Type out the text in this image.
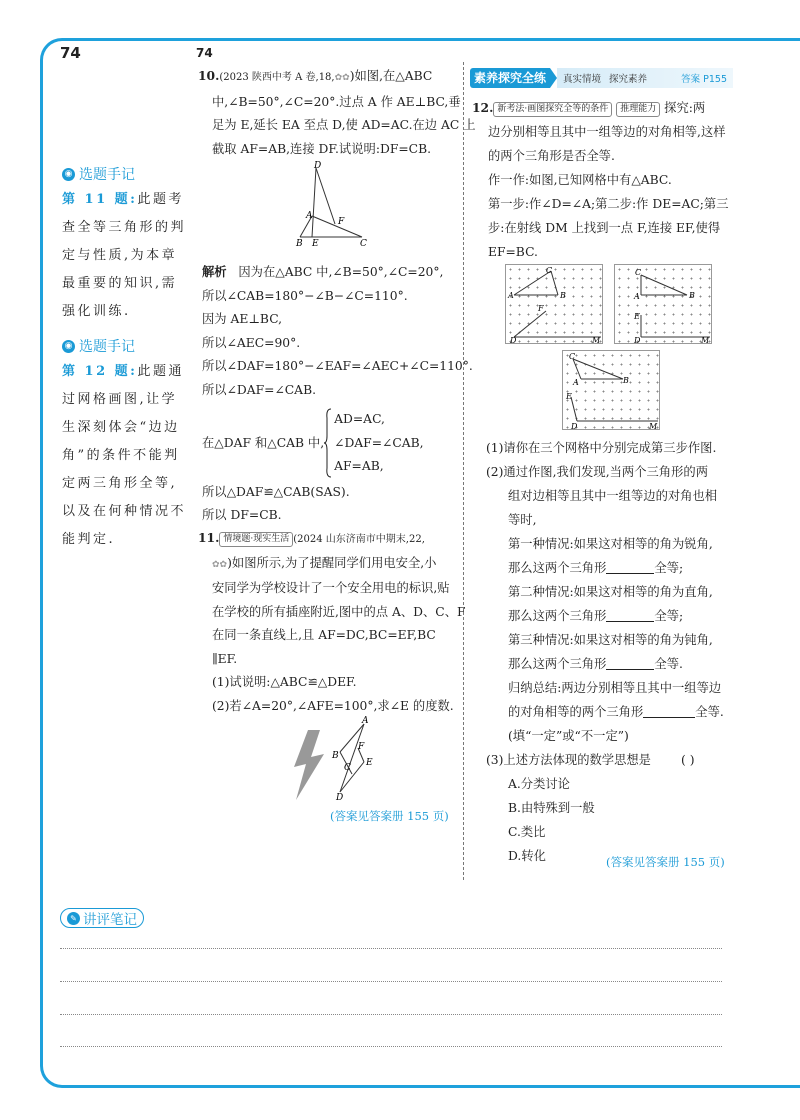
74	74
◉ 选题手记
第 11 题:此题考查全等三角形的判定与性质,为本章最重要的知识,需强化训练.
◉ 选题手记
第 12 题:此题通过网格画图,让学生深刻体会“边边角”的条件不能判定两三角形全等,以及在何种情况不能判定.
10.(2023 陕西中考 A 卷,18,✿✿)如图,在△ABC
中,∠B=50°,∠C=20°.过点 A 作 AE⊥BC,垂
足为 E,延长 EA 至点 D,使 AD=AC.在边 AC 上
截取 AF=AB,连接 DF.试说明:DF=CB.
D
A
F
B E	C
解析 因为在△ABC 中,∠B=50°,∠C=20°,
所以∠CAB=180°−∠B−∠C=110°.
因为 AE⊥BC,
所以∠AEC=90°.
所以∠DAF=180°−∠EAF=∠AEC+∠C=110°.
所以∠DAF=∠CAB.
在△DAF 和△CAB 中,
AD=AC,
∠DAF=∠CAB,
AF=AB,
所以△DAF≌△CAB(SAS).
所以 DF=CB.
11. 情境题·现实生活 (2024 山东济南市中期末,22,
✿✿)如图所示,为了提醒同学们用电安全,小
安同学为学校设计了一个安全用电的标识,贴
在学校的所有插座附近,图中的点 A、D、C、F
在同一条直线上,且 AF=DC,BC=EF,BC
∥EF.
(1)试说明:△ABC≌△DEF.
(2)若∠A=20°,∠AFE=100°,求∠E 的度数.
A
B
F
C E
D
(答案见答案册 155 页)
素养探究全练	真实情境 探究素养	答案 P155
12. 新考法·画图探究全等的条件 推理能力 探究:两
边分别相等且其中一组等边的对角相等,这样
的两个三角形是否全等.
作一作:如图,已知网格中有△ABC.
第一步:作∠D=∠A;第二步:作 DE=AC;第三
步:在射线 DM 上找到一点 F,连接 EF,使得
EF=BC.
C
A	B
F
D	M
C
A	B
E
D	M
C
A	B
E
D	M
(1)请你在三个网格中分别完成第三步作图.
(2)通过作图,我们发现,当两个三角形的两
组对边相等且其中一组等边的对角也相
等时,
第一种情况:如果这对相等的角为锐角,
那么这两个三角形	全等;
第二种情况:如果这对相等的角为直角,
那么这两个三角形	全等;
第三种情况:如果这对相等的角为钝角,
那么这两个三角形	全等.
归纳总结:两边分别相等且其中一组等边
的对角相等的两个三角形	全等.
(填“一定”或“不一定”)
(3)上述方法体现的数学思想是 ( )
A.分类讨论
B.由特殊到一般
C.类比
D.转化	(答案见答案册 155 页)
✎ 讲评笔记
